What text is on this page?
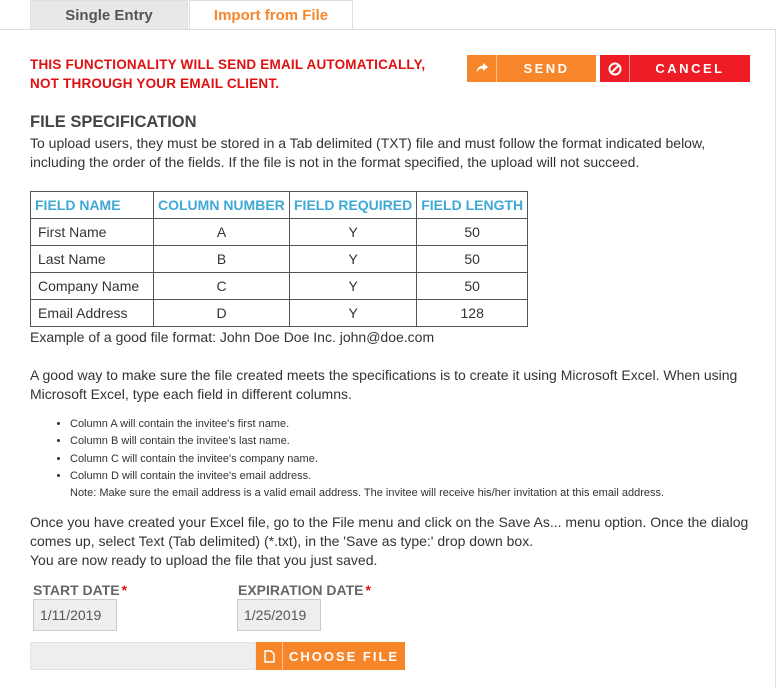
Single Entry	Import from File
THIS FUNCTIONALITY WILL SEND EMAIL AUTOMATICALLY,
NOT THROUGH YOUR EMAIL CLIENT.
SEND	CANCEL
FILE SPECIFICATION
To upload users, they must be stored in a Tab delimited (TXT) file and must follow the format indicated below, including the order of the fields. If the file is not in the format specified, the upload will not succeed.
FIELD NAME	COLUMN NUMBER	FIELD REQUIRED	FIELD LENGTH
First Name	A	Y	50
Last Name	B	Y	50
Company Name	C	Y	50
Email Address	D	Y	128
Example of a good file format: John Doe Doe Inc. john@doe.com
A good way to make sure the file created meets the specifications is to create it using Microsoft Excel. When using Microsoft Excel, type each field in different columns.
• Column A will contain the invitee's first name.
• Column B will contain the invitee's last name.
• Column C will contain the invitee's company name.
• Column D will contain the invitee's email address.
Note: Make sure the email address is a valid email address. The invitee will receive his/her invitation at this email address.
Once you have created your Excel file, go to the File menu and click on the Save As... menu option. Once the dialog comes up, select Text (Tab delimited) (*.txt), in the 'Save as type:' drop down box.
You are now ready to upload the file that you just saved.
START DATE *	EXPIRATION DATE *
1/11/2019	1/25/2019
CHOOSE FILE
